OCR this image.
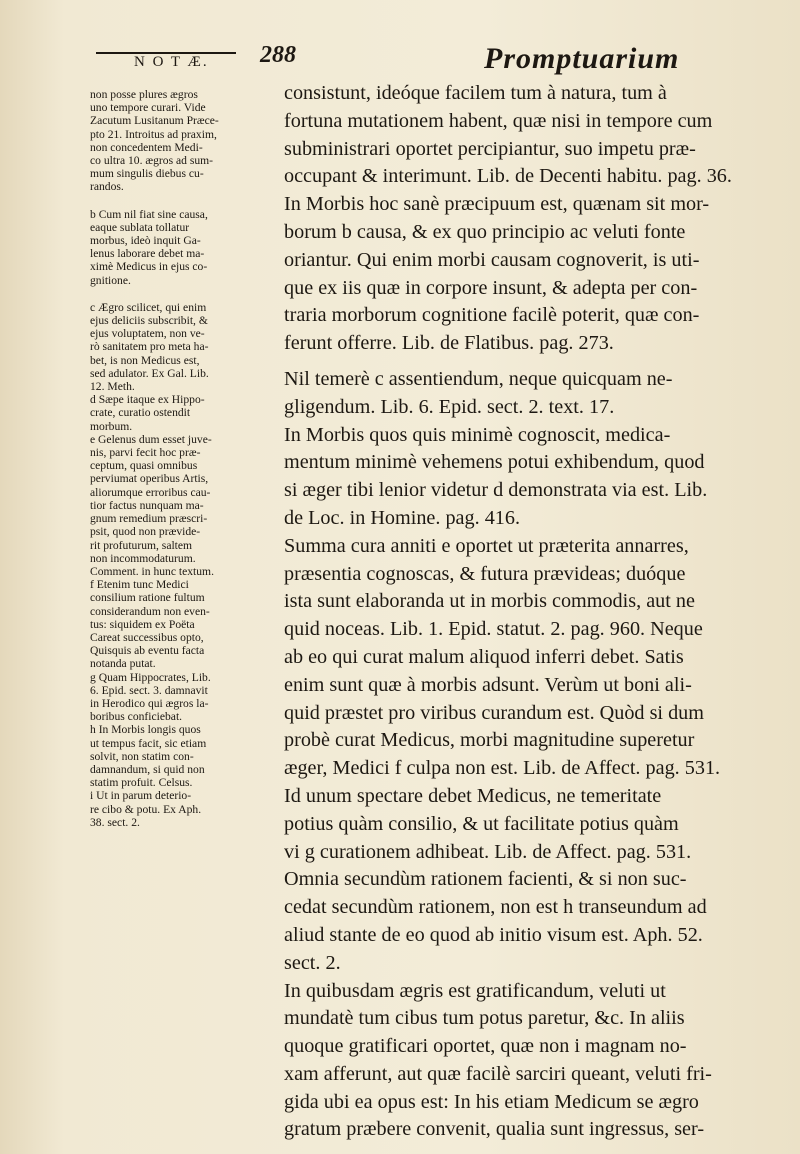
N O T Æ. 288	Promptuarium
non posse plures ægros
uno tempore curari. Vide
Zacutum Lusitanum Præce-
pto 21. Introitus ad praxim,
non concedentem Medi-
co ultra 10. ægros ad sum-
mum singulis diebus cu-
randos.
b Cum nil fiat sine causa,
eaque sublata tollatur
morbus, ideò inquit Ga-
lenus laborare debet ma-
ximè Medicus in ejus co-
gnitione.
c Ægro scilicet, qui enim
ejus deliciis subscribit, &
ejus voluptatem, non ve-
rò sanitatem pro meta ha-
bet, is non Medicus est,
sed adulator. Ex Gal. Lib.
12. Meth.
d Sæpe itaque ex Hippo-
crate, curatio ostendit
morbum.
e Gelenus dum esset juve-
nis, parvi fecit hoc præ-
ceptum, quasi omnibus
perviumat operibus Artis,
aliorumque erroribus cau-
tior factus nunquam ma-
gnum remedium præscri-
psit, quod non prævide-
rit profuturum, saltem
non incommodaturum.
Comment. in hunc textum.
f Etenim tunc Medici
consilium ratione fultum
considerandum non even-
tus: siquidem ex Poëta
Careat successibus opto,
Quisquis ab eventu facta
notanda putat.
g Quam Hippocrates, Lib.
6. Epid. sect. 3. damnavit
in Herodico qui ægros la-
boribus conficiebat.
h In Morbis longis quos
ut tempus facit, sic etiam
solvit, non statim con-
damnandum, si quid non
statim profuit. Celsus.
i Ut in parum deterio-
re cibo & potu. Ex Aph.
38. sect. 2.
consistunt, ideóque facilem tum à natura, tum à
fortuna mutationem habent, quæ nisi in tempore cum
subministrari oportet percipiantur, suo impetu præ-
occupant & interimunt. Lib. de Decenti habitu. pag. 36.
In Morbis hoc sanè præcipuum est, quænam sit mor-
borum b causa, & ex quo principio ac veluti fonte
oriantur. Qui enim morbi causam cognoverit, is uti-
que ex iis quæ in corpore insunt, & adepta per con-
traria morborum cognitione facilè poterit, quæ con-
ferunt offerre. Lib. de Flatibus. pag. 273.
Nil temerè c assentiendum, neque quicquam ne-
gligendum. Lib. 6. Epid. sect. 2. text. 17.
In Morbis quos quis minimè cognoscit, medica-
mentum minimè vehemens potui exhibendum, quod
si æger tibi lenior videtur d demonstrata via est. Lib.
de Loc. in Homine. pag. 416.
Summa cura anniti e oportet ut præterita annarres,
præsentia cognoscas, & futura prævideas; duóque
ista sunt elaboranda ut in morbis commodis, aut ne
quid noceas. Lib. 1. Epid. statut. 2. pag. 960. Neque
ab eo qui curat malum aliquod inferri debet. Satis
enim sunt quæ à morbis adsunt. Verùm ut boni ali-
quid præstet pro viribus curandum est. Quòd si dum
probè curat Medicus, morbi magnitudine superetur
æger, Medici f culpa non est. Lib. de Affect. pag. 531.
Id unum spectare debet Medicus, ne temeritate
potius quàm consilio, & ut facilitate potius quàm
vi g curationem adhibeat. Lib. de Affect. pag. 531.
Omnia secundùm rationem facienti, & si non suc-
cedat secundùm rationem, non est h transeundum ad
aliud stante de eo quod ab initio visum est. Aph. 52.
sect. 2.
In quibusdam ægris est gratificandum, veluti ut
mundatè tum cibus tum potus paretur, &c. In aliis
quoque gratificari oportet, quæ non i magnam no-
xam afferunt, aut quæ facilè sarciri queant, veluti fri-
gida ubi ea opus est: In his etiam Medicum se ægro
gratum præbere convenit, qualia sunt ingressus, ser-
